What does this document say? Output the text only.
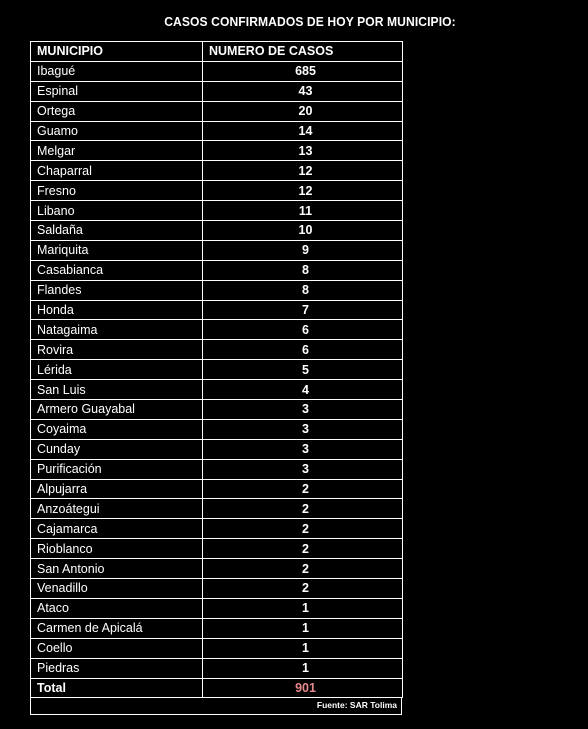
CASOS CONFIRMADOS DE HOY POR MUNICIPIO:
MUNICIPIO	NUMERO DE CASOS
Ibagué	685
Espinal	43
Ortega	20
Guamo	14
Melgar	13
Chaparral	12
Fresno	12
Libano	11
Saldaña	10
Mariquita	9
Casabianca	8
Flandes	8
Honda	7
Natagaima	6
Rovira	6
Lérida	5
San Luis	4
Armero Guayabal	3
Coyaima	3
Cunday	3
Purificación	3
Alpujarra	2
Anzoátegui	2
Cajamarca	2
Rioblanco	2
San Antonio	2
Venadillo	2
Ataco	1
Carmen de Apicalá	1
Coello	1
Piedras	1
Total	901
Fuente: SAR Tolima
